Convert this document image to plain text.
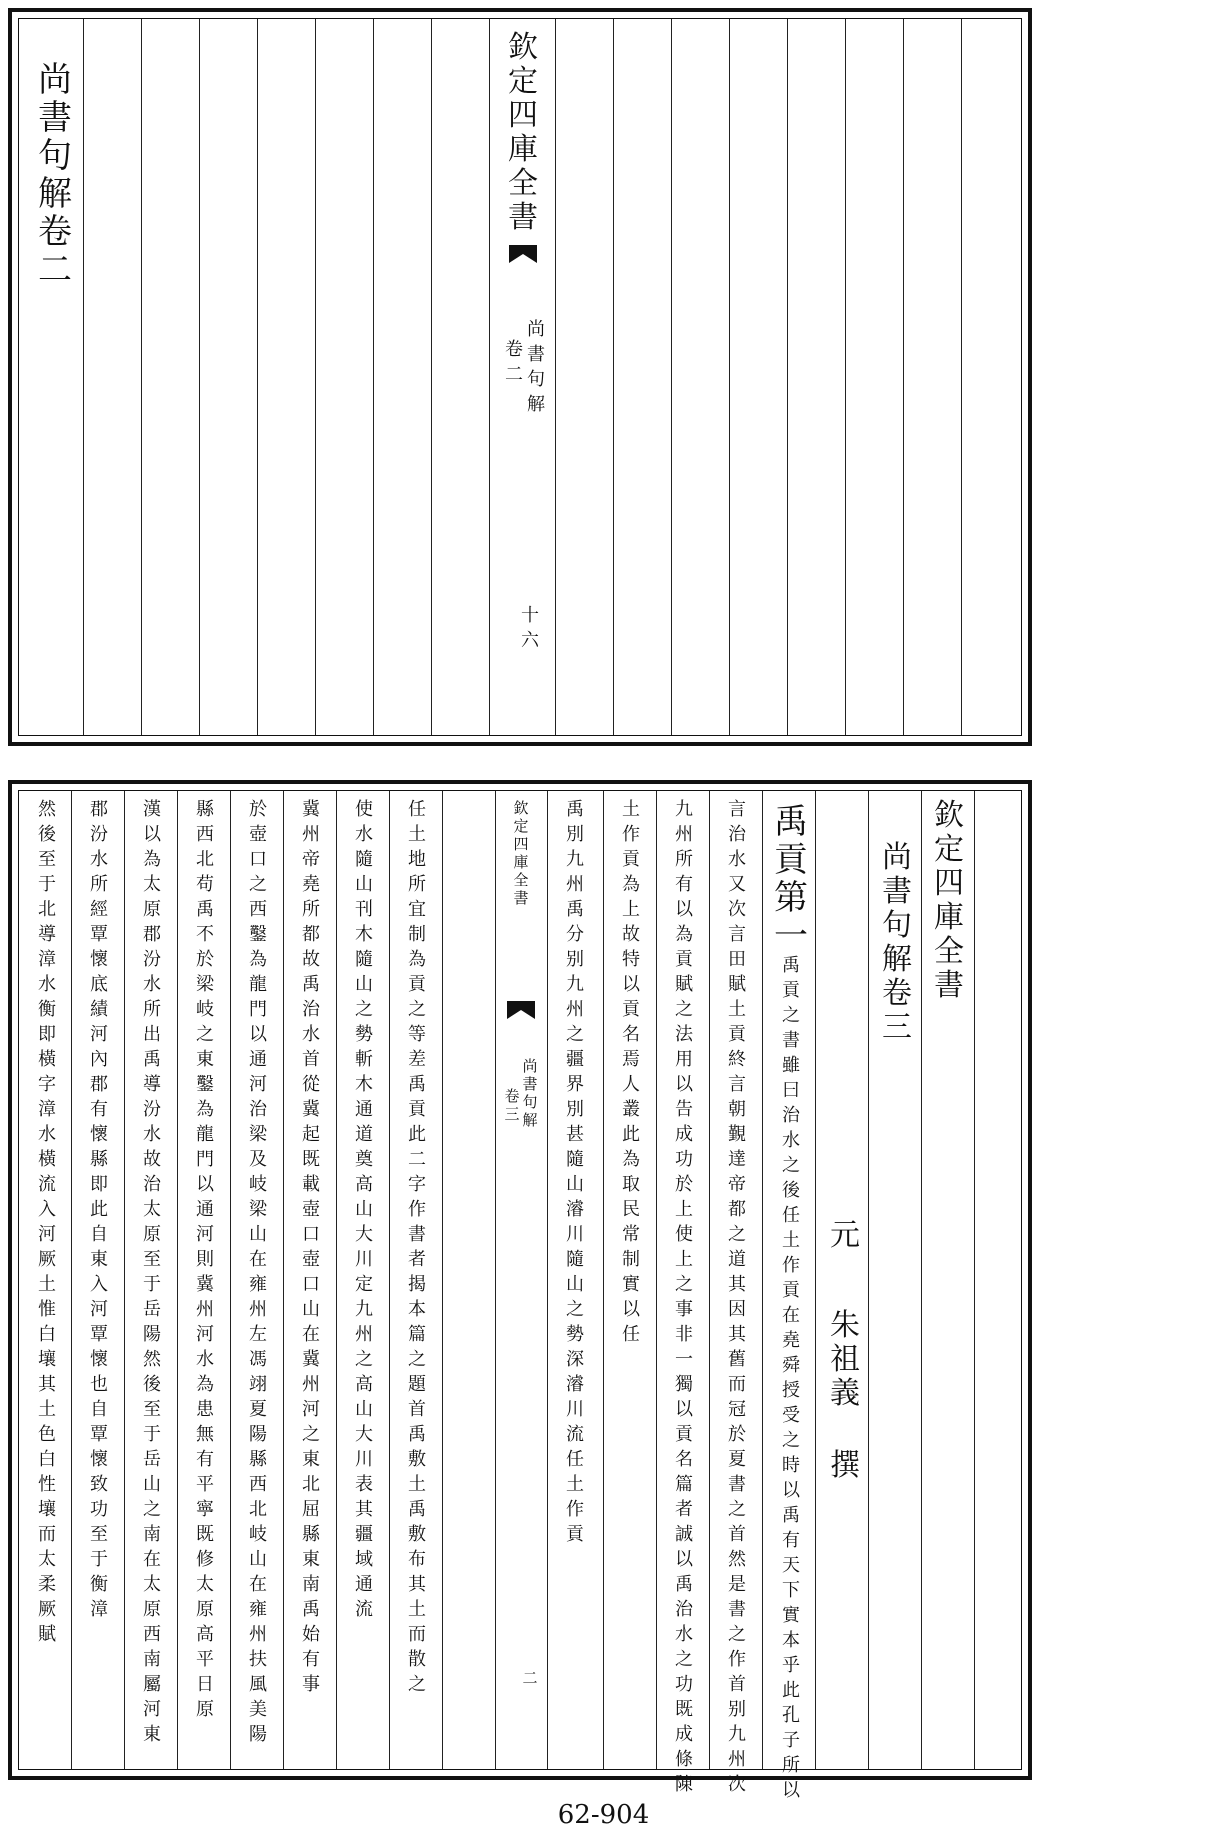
尚
書
句
解
卷
二
欽
定
四
庫
全
書
尚
書
句
解
卷
二
十
六
然
後
至
于
北
導
漳
水
衡
即
橫
字
漳
水
橫
流
入
河
厥
土
惟
白
壤
其
土
色
白
性
壤
而
太
柔
厥
賦
郡
汾
水
所
經
覃
懷
底
績
河
內
郡
有
懷
縣
即
此
自
東
入
河
覃
懷
也
自
覃
懷
致
功
至
于
衡
漳
漢
以
為
太
原
郡
汾
水
所
出
禹
導
汾
水
故
治
太
原
至
于
岳
陽
然
後
至
于
岳
山
之
南
在
太
原
西
南
屬
河
東
縣
西
北
苟
禹
不
於
梁
岐
之
東
鑿
為
龍
門
以
通
河
則
冀
州
河
水
為
患
無
有
平
寧
既
修
太
原
高
平
日
原
於
壺
口
之
西
鑿
為
龍
門
以
通
河
治
梁
及
岐
梁
山
在
雍
州
左
馮
翊
夏
陽
縣
西
北
岐
山
在
雍
州
扶
風
美
陽
冀
州
帝
堯
所
都
故
禹
治
水
首
從
冀
起
既
載
壺
口
壺
口
山
在
冀
州
河
之
東
北
屈
縣
東
南
禹
始
有
事
使
水
隨
山
刊
木
隨
山
之
勢
斬
木
通
道
奠
高
山
大
川
定
九
州
之
高
山
大
川
表
其
疆
域
通
流
任
土
地
所
宜
制
為
貢
之
等
差
禹
貢
此
二
字
作
書
者
揭
本
篇
之
題
首
禹
敷
土
禹
敷
布
其
土
而
散
之
欽
定
四
庫
全
書
尚
書
句
解
卷
三
二
禹
別
九
州
禹
分
别
九
州
之
疆
界
別
甚
隨
山
濬
川
隨
山
之
勢
深
濬
川
流
任
土
作
貢
土
作
貢
為
上
故
特
以
貢
名
焉
人
叢
此
為
取
民
常
制
實
以
任
九
州
所
有
以
為
貢
賦
之
法
用
以
告
成
功
於
上
使
上
之
事
非
一
獨
以
貢
名
篇
者
誠
以
禹
治
水
之
功
既
成
條
陳
言
治
水
又
次
言
田
賦
土
貢
終
言
朝
覲
達
帝
都
之
道
其
因
其
舊
而
冠
於
夏
書
之
首
然
是
書
之
作
首
别
九
州
次
禹
貢
第
一
禹
貢
之
書
雖
曰
治
水
之
後
任
土
作
貢
在
堯
舜
授
受
之
時
以
禹
有
天
下
實
本
乎
此
孔
子
所
以
元
朱
祖
義
撰
尚
書
句
解
卷
三
欽
定
四
庫
全
書
62-904
